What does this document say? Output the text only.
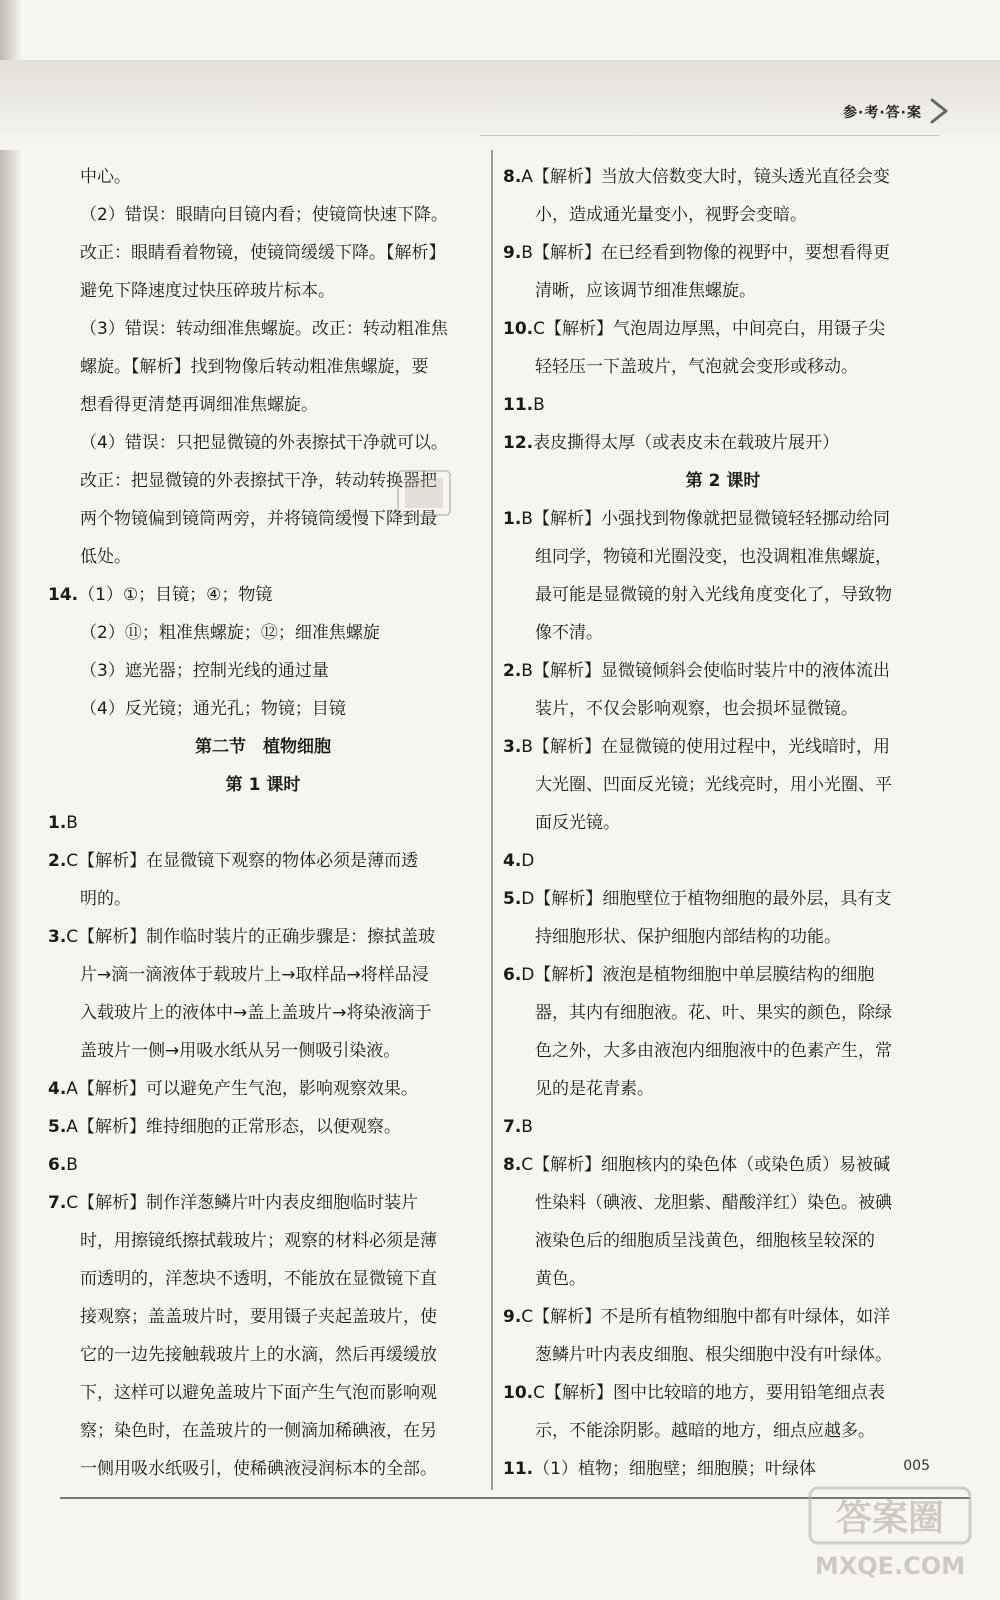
参·考·答·案
中心。
（2）错误：眼睛向目镜内看；使镜筒快速下降。
改正：眼睛看着物镜，使镜筒缓缓下降。【解析】
避免下降速度过快压碎玻片标本。
（3）错误：转动细准焦螺旋。改正：转动粗准焦
螺旋。【解析】找到物像后转动粗准焦螺旋，要
想看得更清楚再调细准焦螺旋。
（4）错误：只把显微镜的外表擦拭干净就可以。
改正：把显微镜的外表擦拭干净，转动转换器把
两个物镜偏到镜筒两旁，并将镜筒缓慢下降到最
低处。
14.（1）①；目镜；④；物镜
（2）⑪；粗准焦螺旋；⑫；细准焦螺旋
（3）遮光器；控制光线的通过量
（4）反光镜；通光孔；物镜；目镜
第二节　植物细胞
第 1 课时
1.B
2.C【解析】在显微镜下观察的物体必须是薄而透
明的。
3.C【解析】制作临时装片的正确步骤是：擦拭盖玻
片→滴一滴液体于载玻片上→取样品→将样品浸
入载玻片上的液体中→盖上盖玻片→将染液滴于
盖玻片一侧→用吸水纸从另一侧吸引染液。
4.A【解析】可以避免产生气泡，影响观察效果。
5.A【解析】维持细胞的正常形态，以便观察。
6.B
7.C【解析】制作洋葱鳞片叶内表皮细胞临时装片
时，用擦镜纸擦拭载玻片；观察的材料必须是薄
而透明的，洋葱块不透明，不能放在显微镜下直
接观察；盖盖玻片时，要用镊子夹起盖玻片，使
它的一边先接触载玻片上的水滴，然后再缓缓放
下，这样可以避免盖玻片下面产生气泡而影响观
察；染色时，在盖玻片的一侧滴加稀碘液，在另
一侧用吸水纸吸引，使稀碘液浸润标本的全部。
8.A【解析】当放大倍数变大时，镜头透光直径会变
小，造成通光量变小，视野会变暗。
9.B【解析】在已经看到物像的视野中，要想看得更
清晰，应该调节细准焦螺旋。
10.C【解析】气泡周边厚黑，中间亮白，用镊子尖
轻轻压一下盖玻片，气泡就会变形或移动。
11.B
12.表皮撕得太厚（或表皮未在载玻片展开）
第 2 课时
1.B【解析】小强找到物像就把显微镜轻轻挪动给同
组同学，物镜和光圈没变，也没调粗准焦螺旋，
最可能是显微镜的射入光线角度变化了，导致物
像不清。
2.B【解析】显微镜倾斜会使临时装片中的液体流出
装片，不仅会影响观察，也会损坏显微镜。
3.B【解析】在显微镜的使用过程中，光线暗时，用
大光圈、凹面反光镜；光线亮时，用小光圈、平
面反光镜。
4.D
5.D【解析】细胞壁位于植物细胞的最外层，具有支
持细胞形状、保护细胞内部结构的功能。
6.D【解析】液泡是植物细胞中单层膜结构的细胞
器，其内有细胞液。花、叶、果实的颜色，除绿
色之外，大多由液泡内细胞液中的色素产生，常
见的是花青素。
7.B
8.C【解析】细胞核内的染色体（或染色质）易被碱
性染料（碘液、龙胆紫、醋酸洋红）染色。被碘
液染色后的细胞质呈浅黄色，细胞核呈较深的
黄色。
9.C【解析】不是所有植物细胞中都有叶绿体，如洋
葱鳞片叶内表皮细胞、根尖细胞中没有叶绿体。
10.C【解析】图中比较暗的地方，要用铅笔细点表
示，不能涂阴影。越暗的地方，细点应越多。
11.（1）植物；细胞壁；细胞膜；叶绿体	005
答案圈
MXQE.COM
